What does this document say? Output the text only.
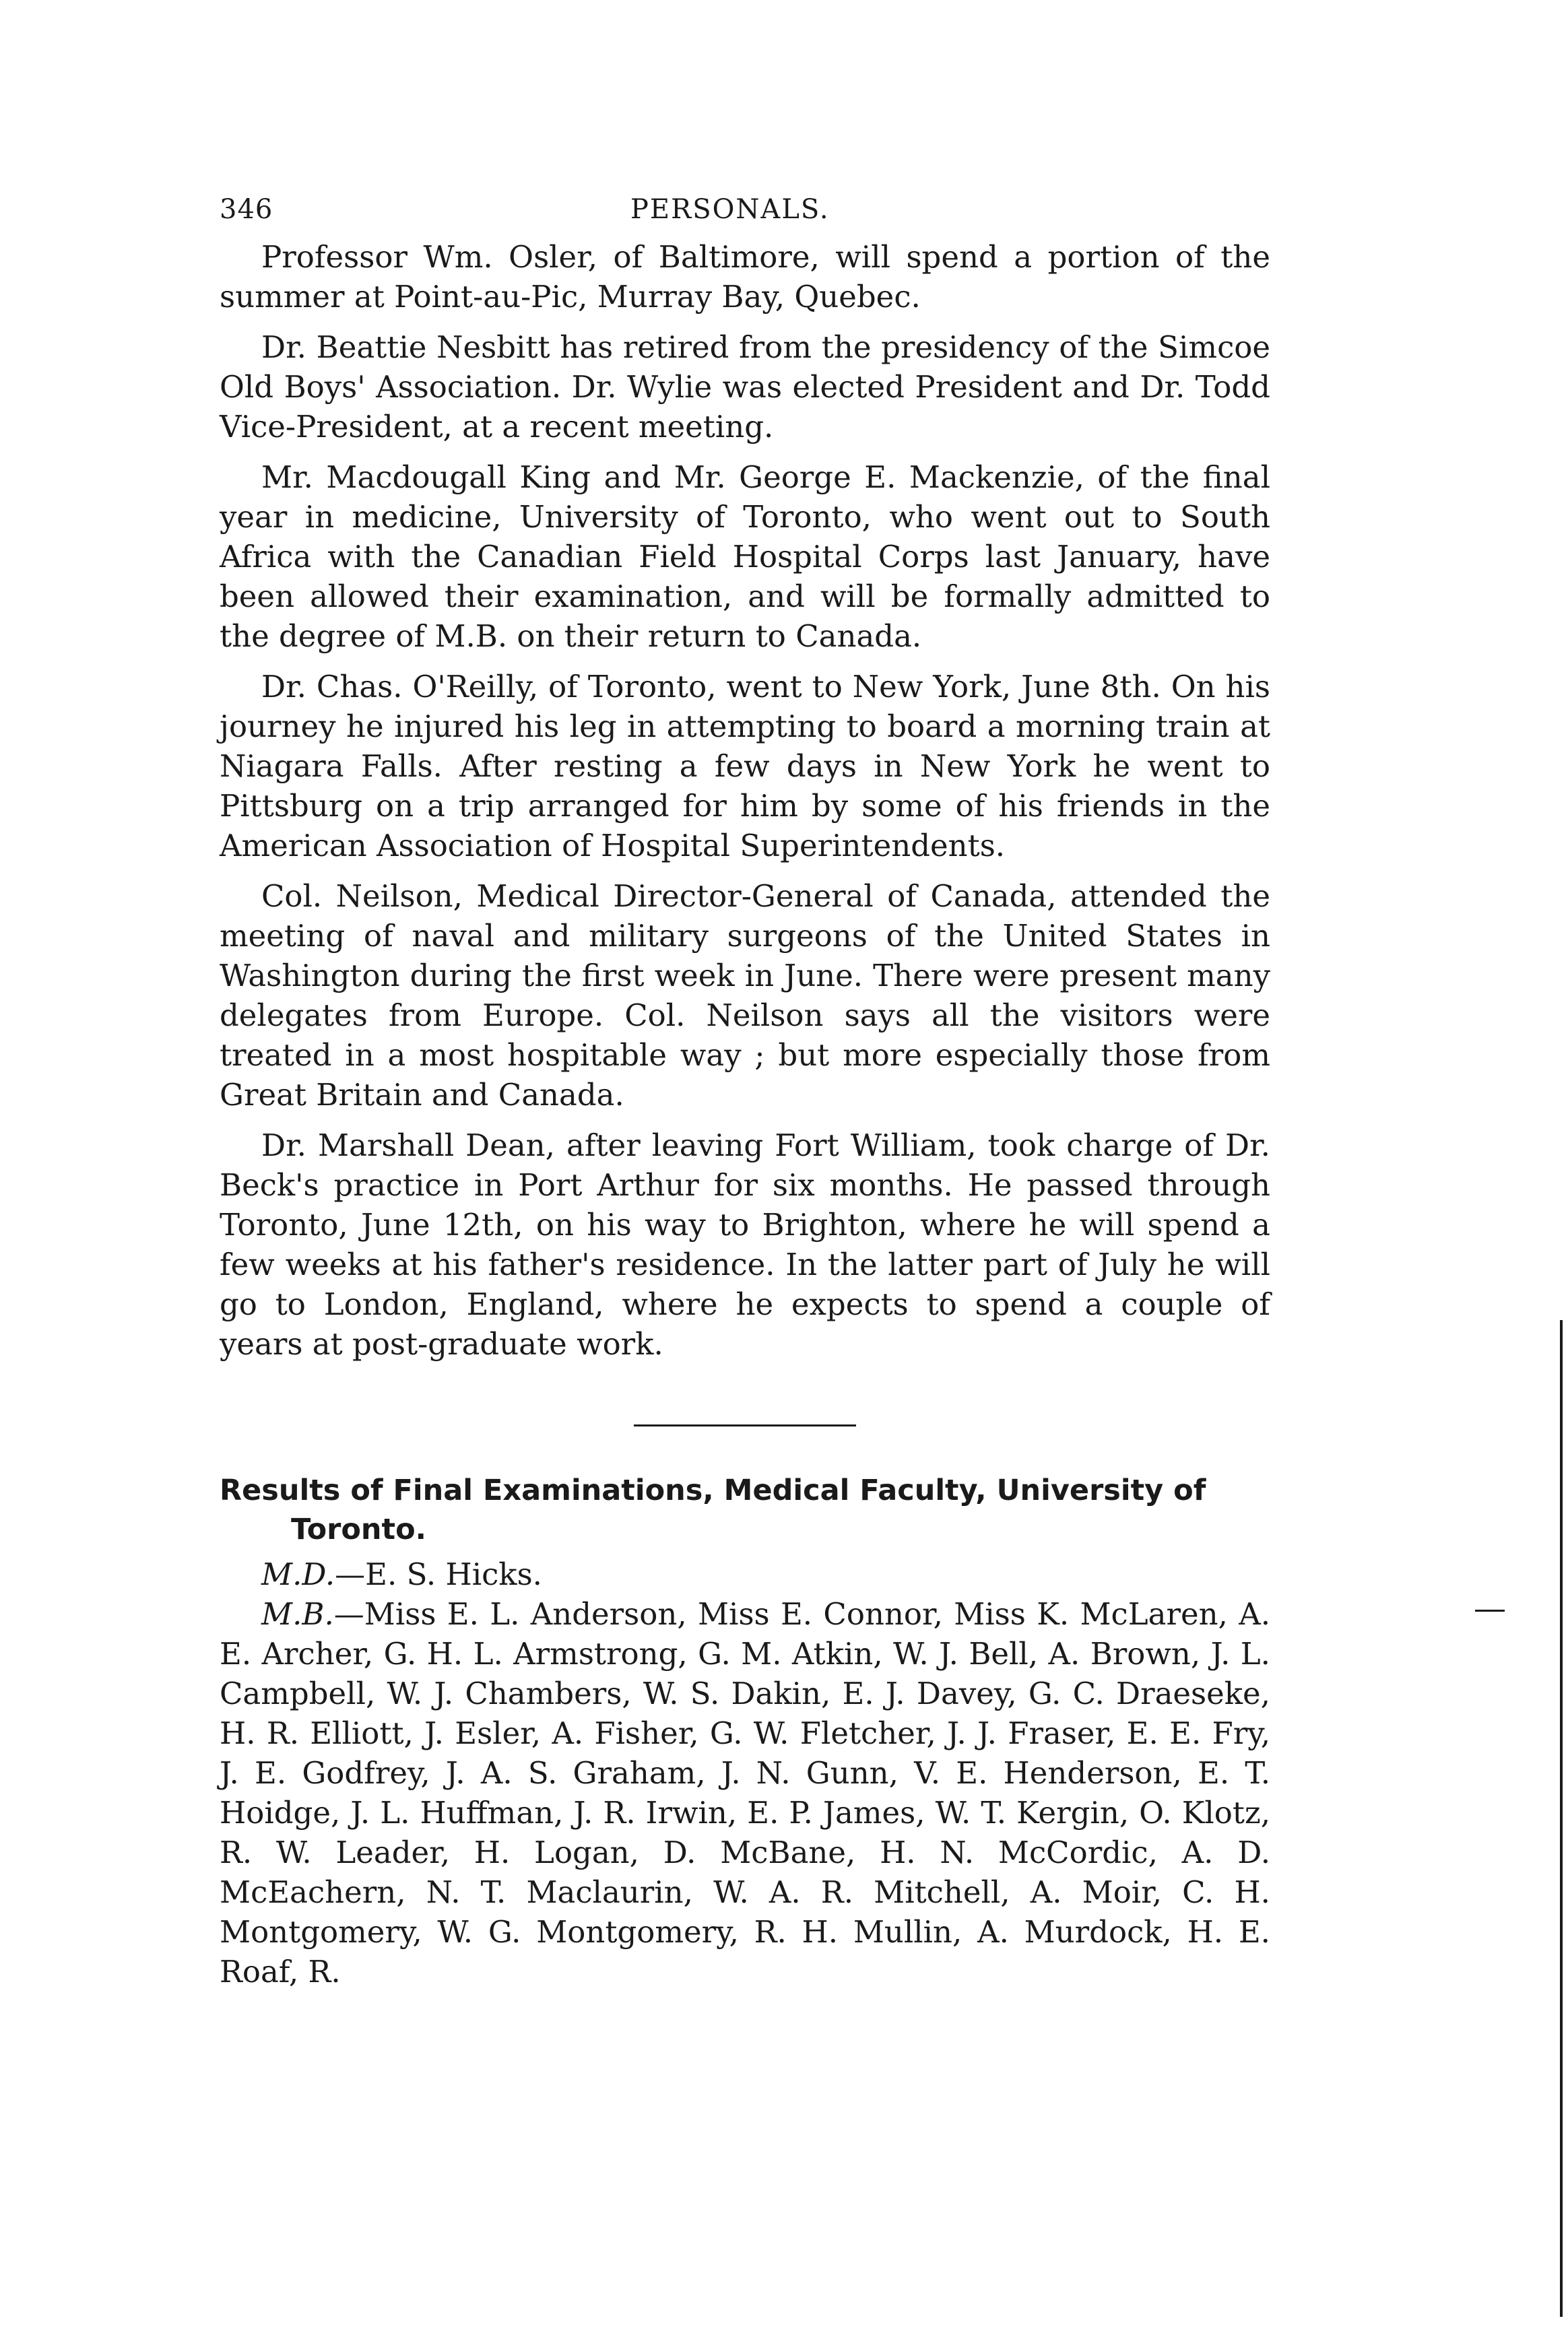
346	PERSONALS.

Professor Wm. Osler, of Baltimore, will spend a portion of the summer at Point-au-Pic, Murray Bay, Quebec.

Dr. Beattie Nesbitt has retired from the presidency of the Simcoe Old Boys' Association. Dr. Wylie was elected President and Dr. Todd Vice-President, at a recent meeting.

Mr. Macdougall King and Mr. George E. Mackenzie, of the final year in medicine, University of Toronto, who went out to South Africa with the Canadian Field Hospital Corps last January, have been allowed their examination, and will be formally admitted to the degree of M.B. on their return to Canada.

Dr. Chas. O'Reilly, of Toronto, went to New York, June 8th. On his journey he injured his leg in attempting to board a morning train at Niagara Falls. After resting a few days in New York he went to Pittsburg on a trip arranged for him by some of his friends in the American Association of Hospital Superintendents.

Col. Neilson, Medical Director-General of Canada, attended the meeting of naval and military surgeons of the United States in Washington during the first week in June. There were present many delegates from Europe. Col. Neilson says all the visitors were treated in a most hospitable way ; but more especially those from Great Britain and Canada.

Dr. Marshall Dean, after leaving Fort William, took charge of Dr. Beck's practice in Port Arthur for six months. He passed through Toronto, June 12th, on his way to Brighton, where he will spend a few weeks at his father's residence. In the latter part of July he will go to London, England, where he expects to spend a couple of years at post-graduate work.

Results of Final Examinations, Medical Faculty, University of Toronto.

M.D.—E. S. Hicks.

M.B.—Miss E. L. Anderson, Miss E. Connor, Miss K. McLaren, A. E. Archer, G. H. L. Armstrong, G. M. Atkin, W. J. Bell, A. Brown, J. L. Campbell, W. J. Chambers, W. S. Dakin, E. J. Davey, G. C. Draeseke, H. R. Elliott, J. Esler, A. Fisher, G. W. Fletcher, J. J. Fraser, E. E. Fry, J. E. Godfrey, J. A. S. Graham, J. N. Gunn, V. E. Henderson, E. T. Hoidge, J. L. Huffman, J. R. Irwin, E. P. James, W. T. Kergin, O. Klotz, R. W. Leader, H. Logan, D. McBane, H. N. McCordic, A. D. McEachern, N. T. Maclaurin, W. A. R. Mitchell, A. Moir, C. H. Montgomery, W. G. Montgomery, R. H. Mullin, A. Murdock, H. E. Roaf, R.
